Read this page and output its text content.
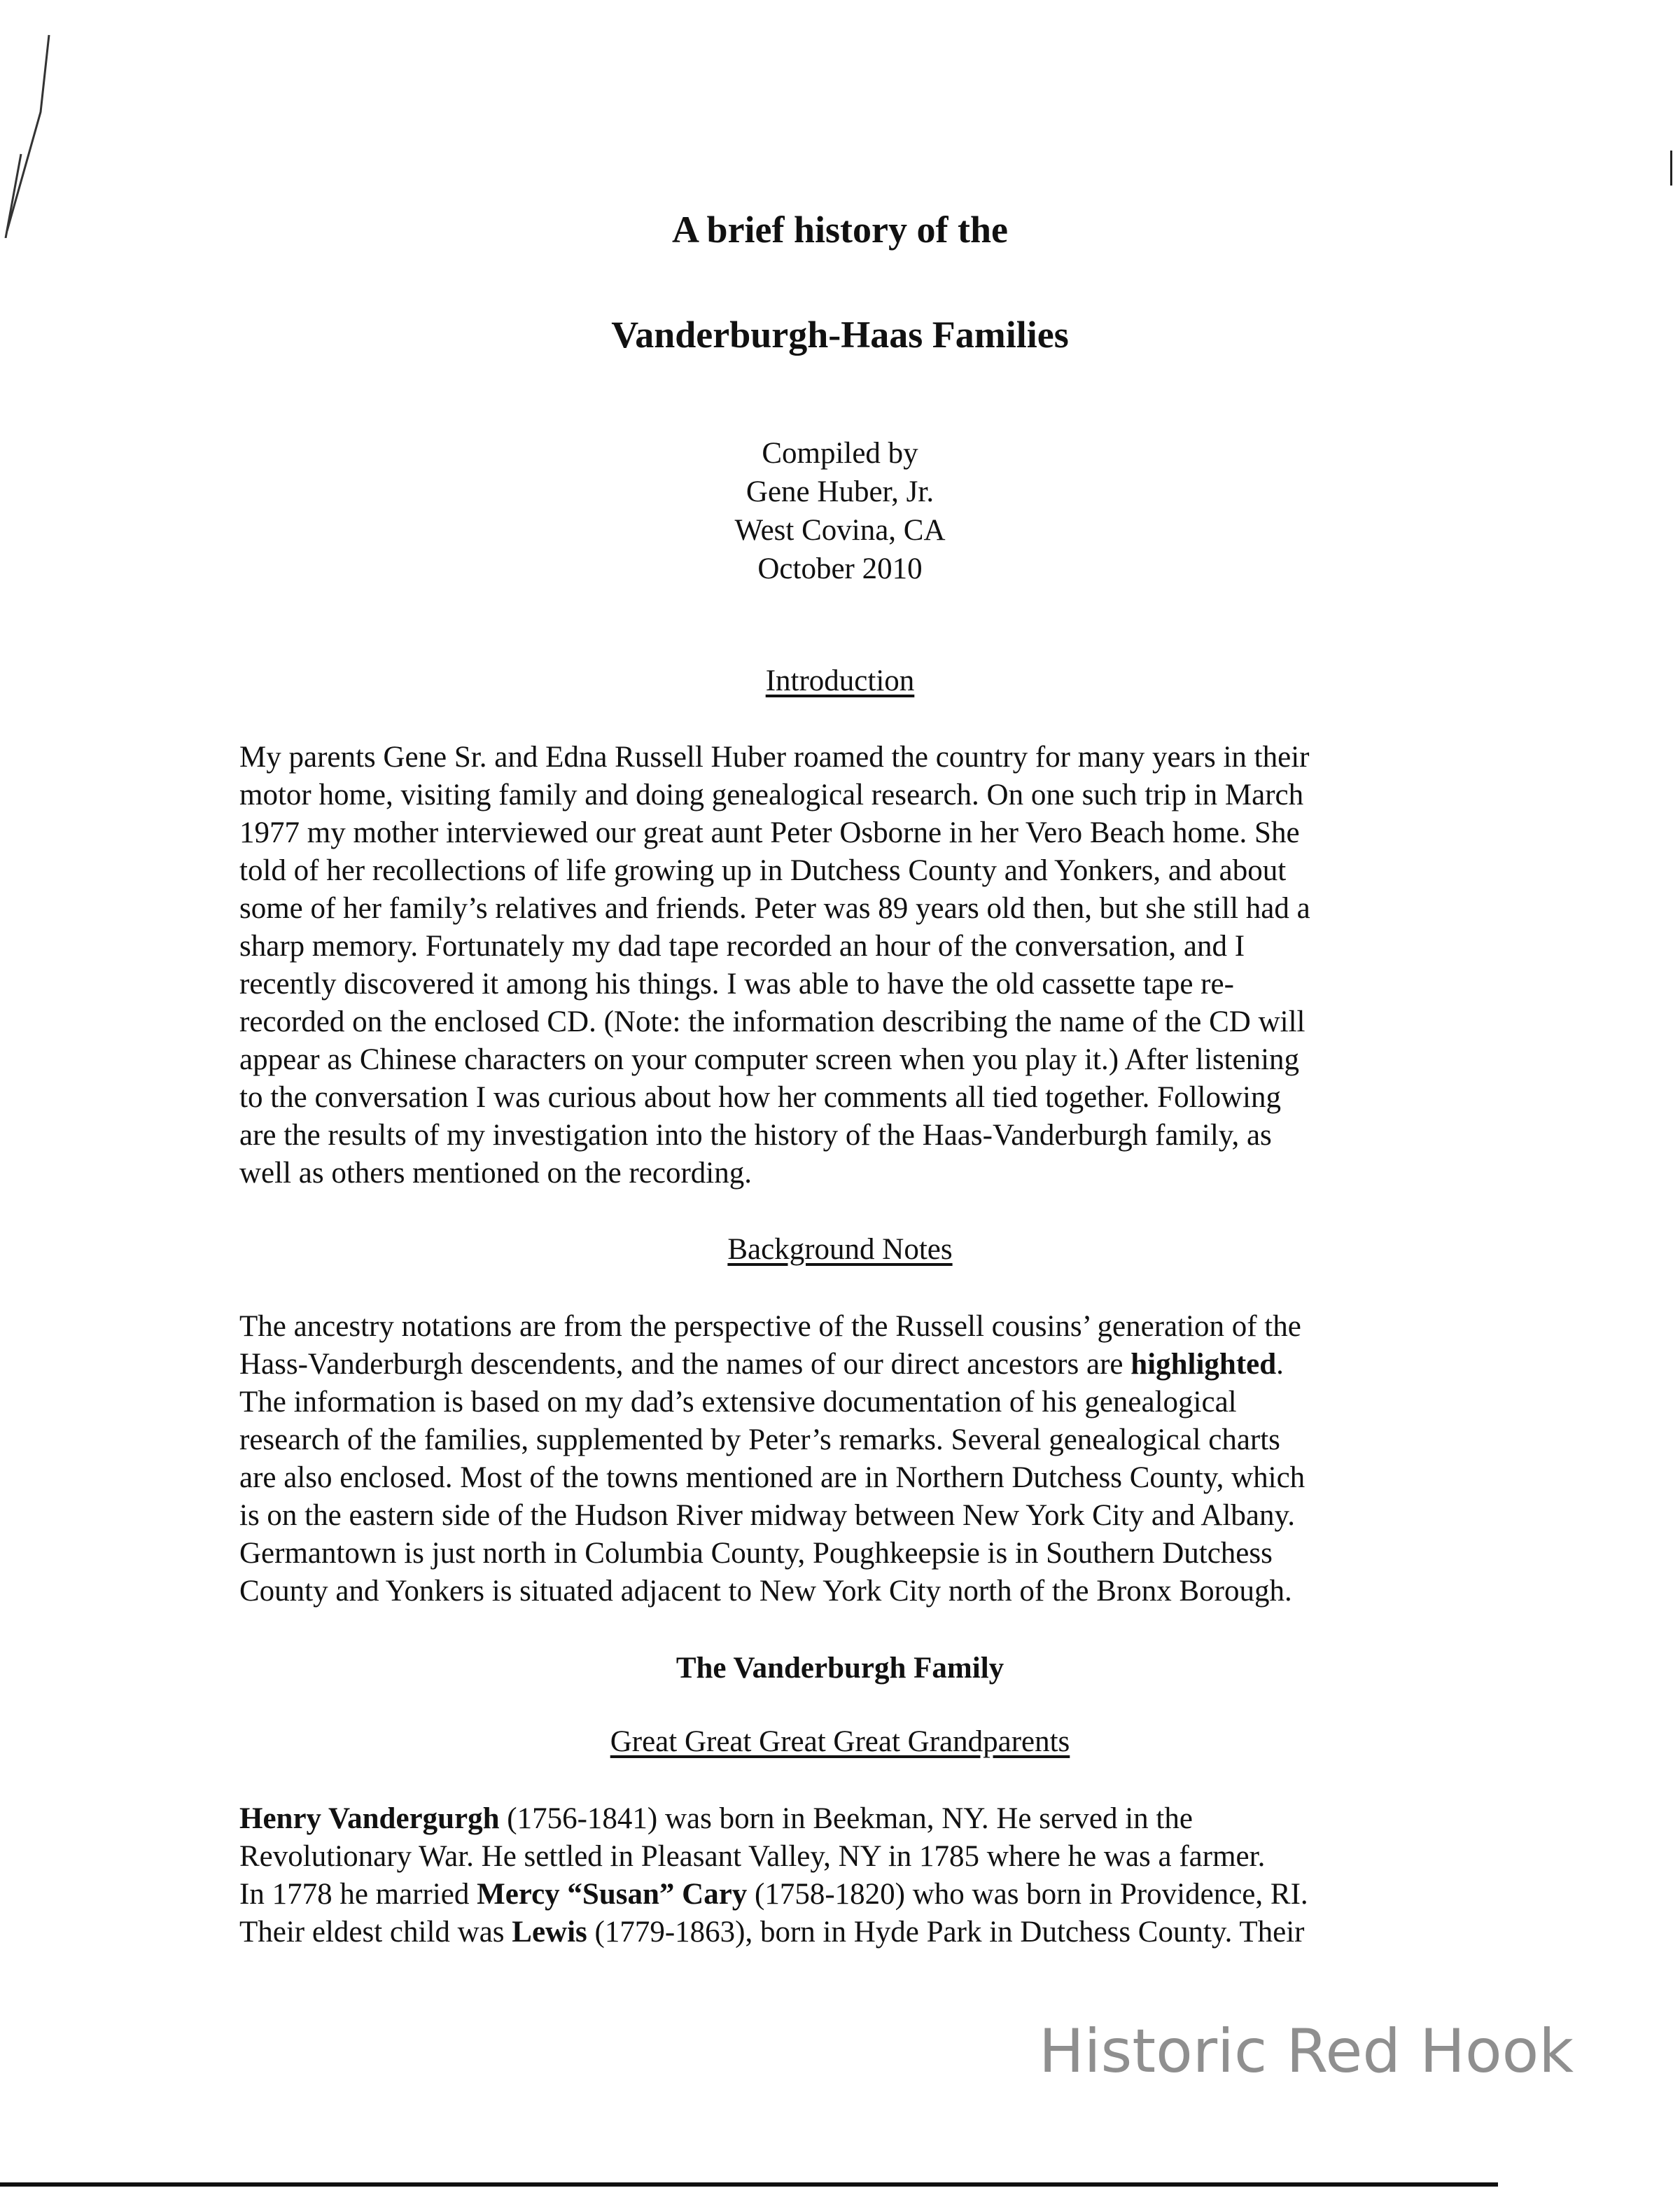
A brief history of the
Vanderburgh-Haas Families
Compiled by
Gene Huber, Jr.
West Covina, CA
October 2010
Introduction
My parents Gene Sr. and Edna Russell Huber roamed the country for many years in their
motor home, visiting family and doing genealogical research. On one such trip in March
1977 my mother interviewed our great aunt Peter Osborne in her Vero Beach home. She
told of her recollections of life growing up in Dutchess County and Yonkers, and about
some of her family’s relatives and friends. Peter was 89 years old then, but she still had a
sharp memory. Fortunately my dad tape recorded an hour of the conversation, and I
recently discovered it among his things. I was able to have the old cassette tape re-
recorded on the enclosed CD. (Note: the information describing the name of the CD will
appear as Chinese characters on your computer screen when you play it.) After listening
to the conversation I was curious about how her comments all tied together. Following
are the results of my investigation into the history of the Haas-Vanderburgh family, as
well as others mentioned on the recording.
Background Notes
The ancestry notations are from the perspective of the Russell cousins’ generation of the
Hass-Vanderburgh descendents, and the names of our direct ancestors are highlighted.
The information is based on my dad’s extensive documentation of his genealogical
research of the families, supplemented by Peter’s remarks. Several genealogical charts
are also enclosed. Most of the towns mentioned are in Northern Dutchess County, which
is on the eastern side of the Hudson River midway between New York City and Albany.
Germantown is just north in Columbia County, Poughkeepsie is in Southern Dutchess
County and Yonkers is situated adjacent to New York City north of the Bronx Borough.
The Vanderburgh Family
Great Great Great Great Grandparents
Henry Vandergurgh (1756-1841) was born in Beekman, NY. He served in the
Revolutionary War. He settled in Pleasant Valley, NY in 1785 where he was a farmer.
In 1778 he married Mercy “Susan” Cary (1758-1820) who was born in Providence, RI.
Their eldest child was Lewis (1779-1863), born in Hyde Park in Dutchess County. Their
Historic Red Hook
